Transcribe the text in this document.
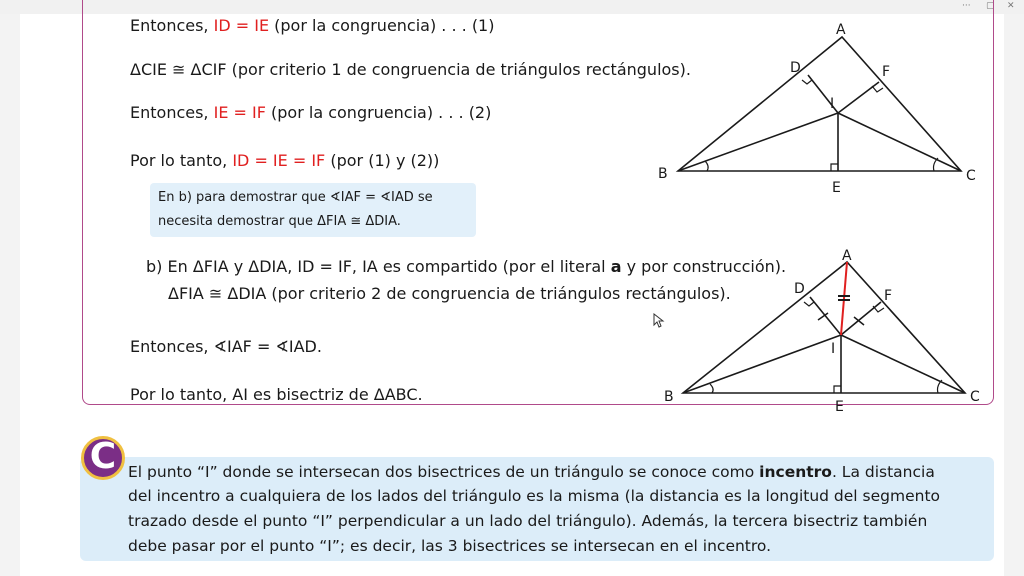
··· ▢ ✕
Entonces, ID = IE (por la congruencia) . . . (1)
ΔCIE ≅ ΔCIF (por criterio 1 de congruencia de triángulos rectángulos).
Entonces, IE = IF (por la congruencia) . . . (2)
Por lo tanto, ID = IE = IF (por (1) y (2))
En b) para demostrar que ∢IAF = ∢IAD se
necesita demostrar que ΔFIA ≅ ΔDIA.
b) En ΔFIA y ΔDIA, ID = IF, IA es compartido (por el literal a y por construcción).
ΔFIA ≅ ΔDIA (por criterio 2 de congruencia de triángulos rectángulos).
Entonces, ∢IAF = ∢IAD.
Por lo tanto, AI es bisectriz de ΔABC.
A
B	C
D
E
F
I
A
B	C
D
E
F
I
El punto “I” donde se intersecan dos bisectrices de un triángulo se conoce como incentro. La distancia
del incentro a cualquiera de los lados del triángulo es la misma (la distancia es la longitud del segmento
trazado desde el punto “I” perpendicular a un lado del triángulo). Además, la tercera bisectriz también
debe pasar por el punto “I”; es decir, las 3 bisectrices se intersecan en el incentro.
C
